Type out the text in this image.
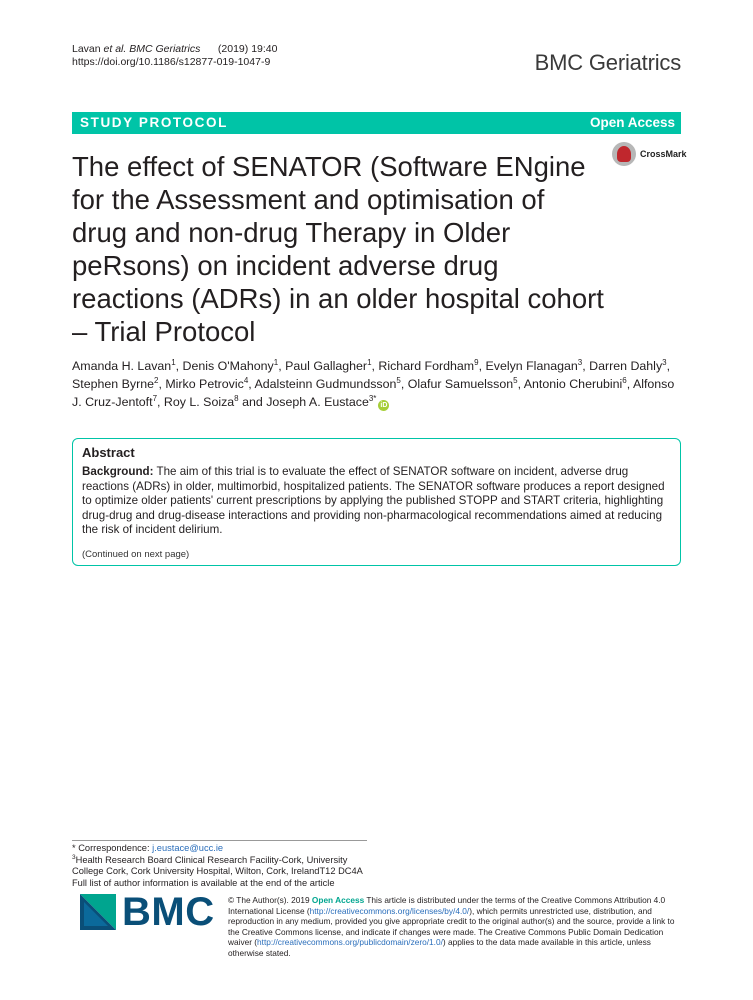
Lavan et al. BMC Geriatrics (2019) 19:40
https://doi.org/10.1186/s12877-019-1047-9	BMC Geriatrics
STUDY PROTOCOL	Open Access
CrossMark
The effect of SENATOR (Software ENgine
for the Assessment and optimisation of
drug and non-drug Therapy in Older
peRsons) on incident adverse drug
reactions (ADRs) in an older hospital cohort
– Trial Protocol
Amanda H. Lavan$^1$, Denis O'Mahony$^1$, Paul Gallagher$^1$, Richard Fordham$^9$, Evelyn Flanagan$^3$, Darren Dahly$^3$, Stephen Byrne$^2$, Mirko Petrovic$^4$, Adalsteinn Gudmundsson$^5$, Olafur Samuelsson$^5$, Antonio Cherubini$^6$, Alfonso J. Cruz-Jentoft$^7$, Roy L. Soiza$^8$ and Joseph A. Eustace$^{3*}$iD
Abstract
Background: The aim of this trial is to evaluate the effect of SENATOR software on incident, adverse drug reactions (ADRs) in older, multimorbid, hospitalized patients. The SENATOR software produces a report designed to optimize older patients' current prescriptions by applying the published STOPP and START criteria, highlighting drug-drug and drug-disease interactions and providing non-pharmacological recommendations aimed at reducing the risk of incident delirium.
(Continued on next page)
* Correspondence: j.eustace@ucc.ie
$^3$Health Research Board Clinical Research Facility-Cork, University College Cork, Cork University Hospital, Wilton, Cork, IrelandT12 DC4A
Full list of author information is available at the end of the article
BMC © The Author(s). 2019 Open Access This article is distributed under the terms of the Creative Commons Attribution 4.0 International License (http://creativecommons.org/licenses/by/4.0/), which permits unrestricted use, distribution, and reproduction in any medium, provided you give appropriate credit to the original author(s) and the source, provide a link to the Creative Commons license, and indicate if changes were made. The Creative Commons Public Domain Dedication waiver (http://creativecommons.org/publicdomain/zero/1.0/) applies to the data made available in this article, unless otherwise stated.
